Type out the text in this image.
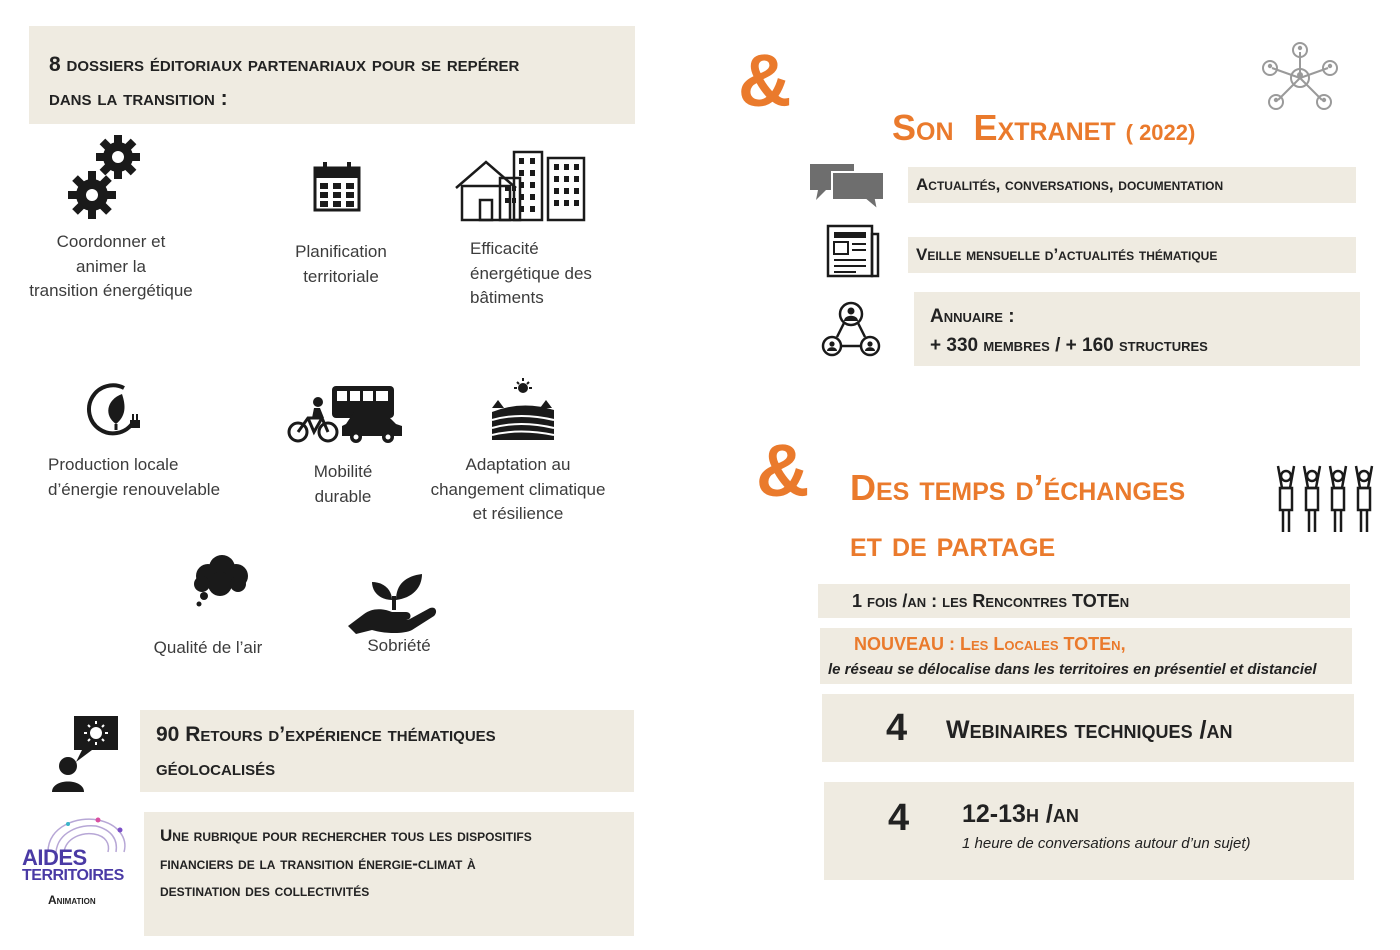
8 dossiers éditoriaux partenariaux pour se repérer
dans la transition :
Coordonner et
animer la
transition énergétique
Planification
territoriale
Efficacité
énergétique des
bâtiments
Production locale
d’énergie renouvelable
Mobilité
durable
Adaptation au
changement climatique
et résilience
Qualité de l’air	Sobriété
90 Retours d’expérience thématiques
géolocalisés
AIDES
TERRITOIRES
Animation
Une rubrique pour rechercher tous les dispositifs
financiers de la transition énergie-climat à
destination des collectivités
&

Son  Extranet ( 2022)

Actualités, conversations, documentation
Veille mensuelle d’actualités thématique
Annuaire :
+ 330 membres / + 160 structures
& Des temps d’échanges
et de partage
1 fois /an : les Rencontres TOTEn
NOUVEAU : Les Locales TOTEn,
le réseau se délocalise dans les territoires en présentiel et distanciel
4 Webinaires techniques /an
4 12-13h /an
1 heure de conversations autour d’un sujet)
